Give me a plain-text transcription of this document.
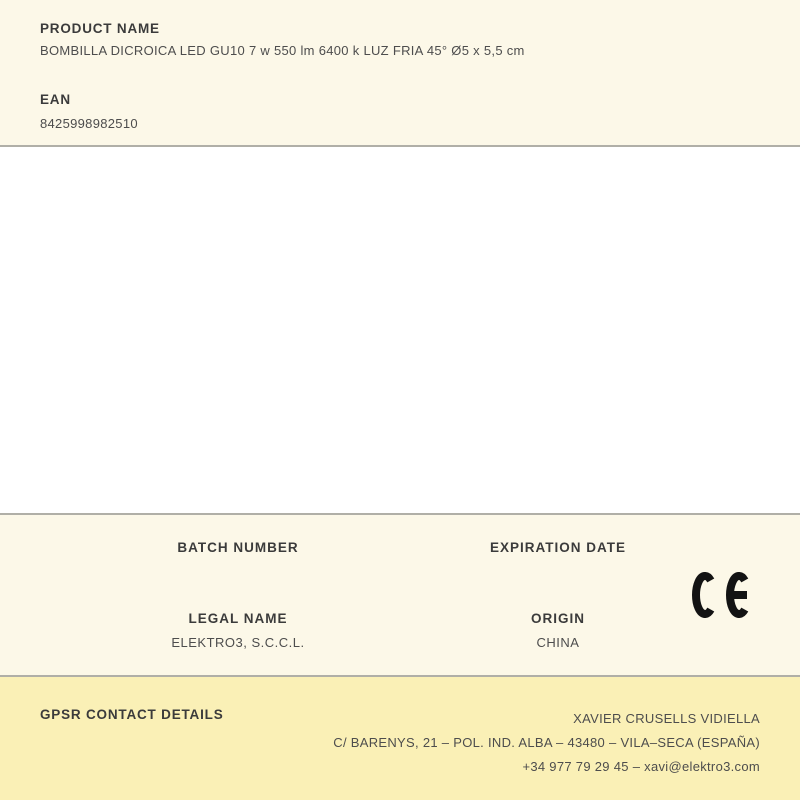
PRODUCT NAME
BOMBILLA DICROICA LED GU10 7 w 550 lm 6400 k LUZ FRIA 45° Ø5 x 5,5 cm
EAN
8425998982510
BATCH NUMBER
LEGAL NAME
ELEKTRO3, S.C.C.L.
EXPIRATION DATE
ORIGIN
CHINA
GPSR CONTACT DETAILS	XAVIER CRUSELLS VIDIELLA
C/ BARENYS, 21 – POL. IND. ALBA – 43480 – VILA–SECA (ESPAÑA)
+34 977 79 29 45 – xavi@elektro3.com
